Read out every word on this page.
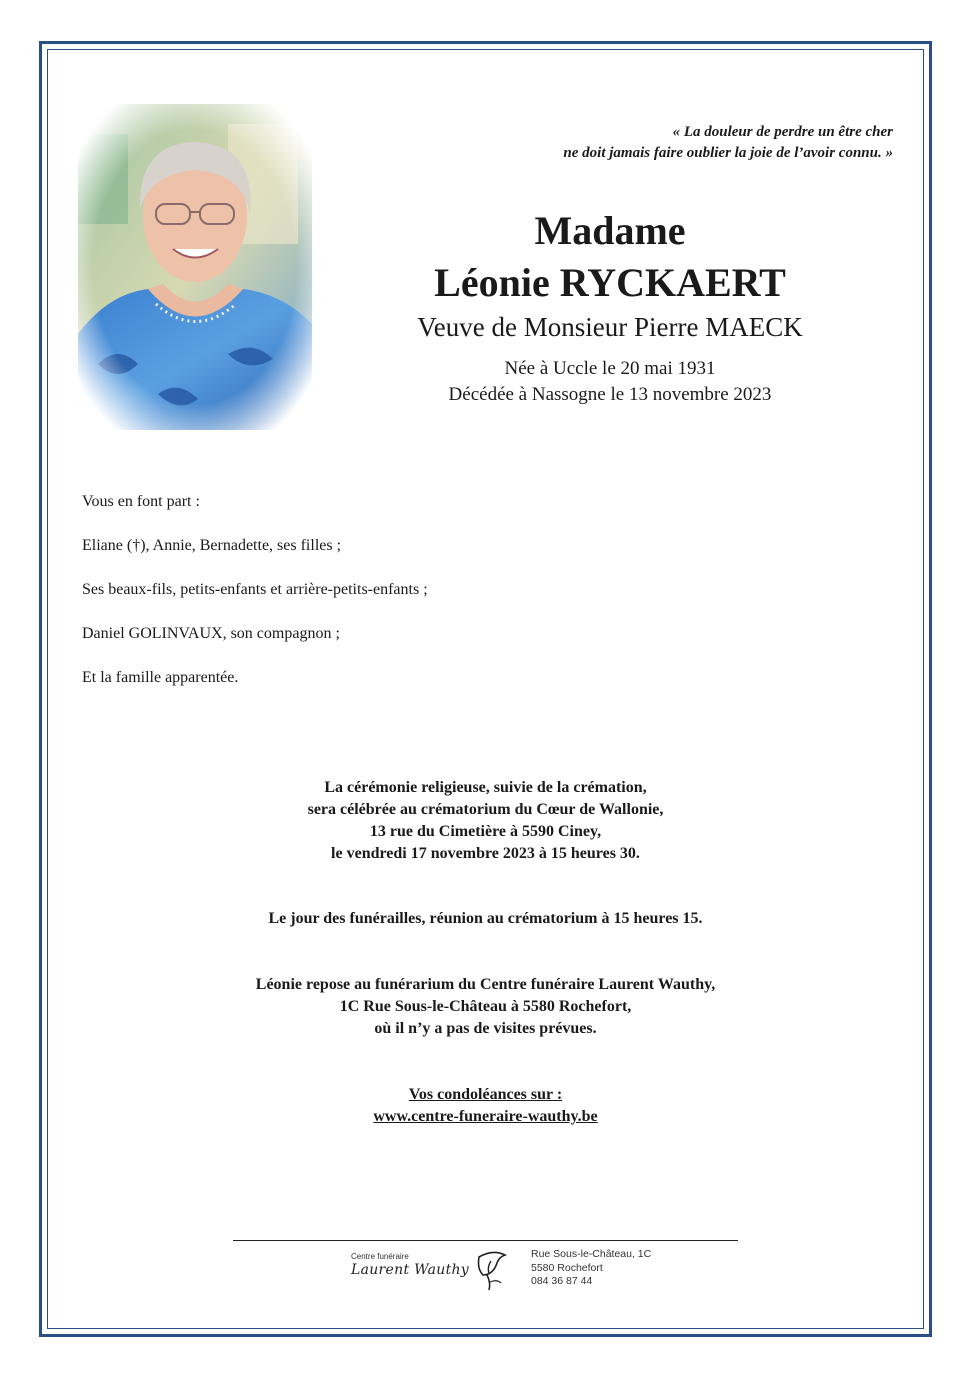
« La douleur de perdre un être cher
ne doit jamais faire oublier la joie de l’avoir connu. »
Madame
Léonie RYCKAERT
Veuve de Monsieur Pierre MAECK
Née à Uccle le 20 mai 1931
Décédée à Nassogne le 13 novembre 2023
Vous en font part :
Eliane (†), Annie, Bernadette, ses filles ;
Ses beaux-fils, petits-enfants et arrière-petits-enfants ;
Daniel GOLINVAUX, son compagnon ;
Et la famille apparentée.
La cérémonie religieuse, suivie de la crémation,
sera célébrée au crématorium du Cœur de Wallonie,
13 rue du Cimetière à 5590 Ciney,
le vendredi 17 novembre 2023 à 15 heures 30.
Le jour des funérailles, réunion au crématorium à 15 heures 15.
Léonie repose au funérarium du Centre funéraire Laurent Wauthy,
1C Rue Sous-le-Château à 5580 Rochefort,
où il n’y a pas de visites prévues.
Vos condoléances sur :
www.centre-funeraire-wauthy.be
Centre funéraire
Laurent Wauthy
Rue Sous-le-Château, 1C
5580 Rochefort
084 36 87 44
